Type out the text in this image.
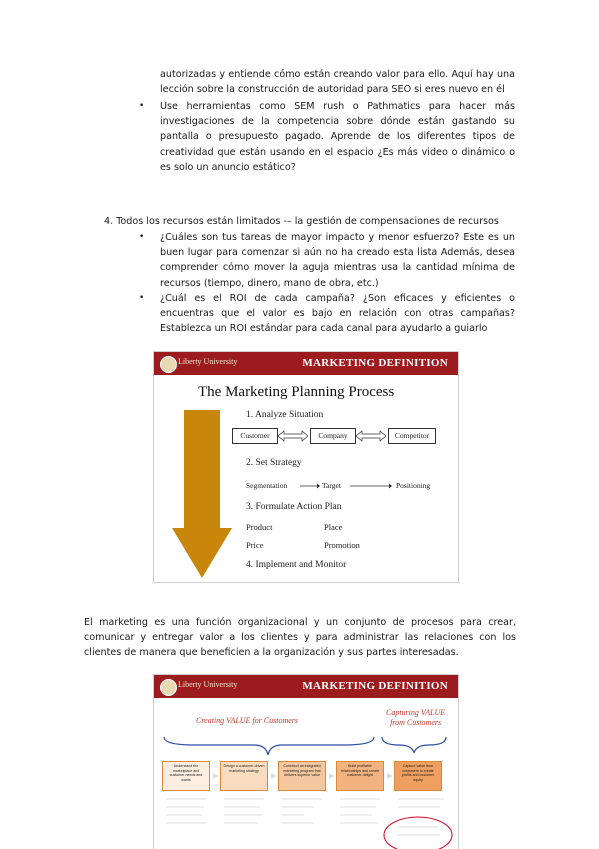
autorizadas y entiende cómo están creando valor para ello. Aquí hay una lección sobre la construcción de autoridad para SEO si eres nuevo en él
• Use herramientas como SEM rush o Pathmatics para hacer más investigaciones de la competencia sobre dónde están gastando su pantalla o presupuesto pagado. Aprende de los diferentes tipos de creatividad que están usando en el espacio ¿Es más video o dinámico o es solo un anuncio estático?
4. Todos los recursos están limitados -– la gestión de compensaciones de recursos
• ¿Cuáles son tus tareas de mayor impacto y menor esfuerzo? Este es un buen lugar para comenzar si aún no ha creado esta lista Además, desea comprender cómo mover la aguja mientras usa la cantidad mínima de recursos (tiempo, dinero, mano de obra, etc.)
• ¿Cuál es el ROI de cada campaña? ¿Son eficaces y eficientes o encuentras que el valor es bajo en relación con otras campañas? Establezca un ROI estándar para cada canal para ayudarlo a guiarlo
Liberty University	MARKETING DEFINITION
The Marketing Planning Process
1. Analyze Situation
Customer	Company	Competitor
2. Set Strategy
Segmentation	Target	Positioning
3. Formulate Action Plan
Product	Place
Price	Promotion
4. Implement and Monitor
El marketing es una función organizacional y un conjunto de procesos para crear, comunicar y entregar valor a los clientes y para administrar las relaciones con los clientes de manera que beneficien a la organización y sus partes interesadas.
Liberty University	MARKETING DEFINITION
Creating VALUE for Customers
Capturing VALUE
from Customers
Understand the marketplace and customer needs and wants
Design a customer-driven marketing strategy
Construct an integrated marketing program that delivers superior value
Build profitable relationships and create customer delight
Capture value from customers to create profits and customer equity
